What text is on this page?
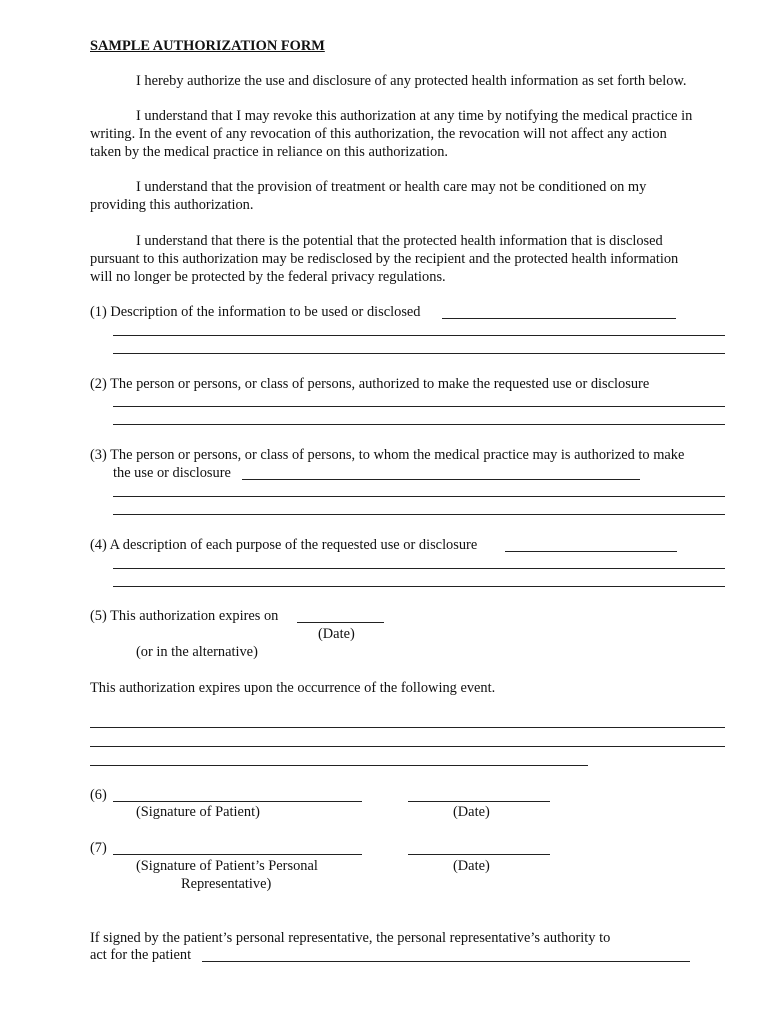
SAMPLE AUTHORIZATION FORM
I hereby authorize the use and disclosure of any protected health information as set forth below.
I understand that I may revoke this authorization at any time by notifying the medical practice in
writing. In the event of any revocation of this authorization, the revocation will not affect any action
taken by the medical practice in reliance on this authorization.
I understand that the provision of treatment or health care may not be conditioned on my
providing this authorization.
I understand that there is the potential that the protected health information that is disclosed
pursuant to this authorization may be redisclosed by the recipient and the protected health information
will no longer be protected by the federal privacy regulations.
(1) Description of the information to be used or disclosed
(2) The person or persons, or class of persons, authorized to make the requested use or disclosure
(3) The person or persons, or class of persons, to whom the medical practice may is authorized to make
the use or disclosure
(4) A description of each purpose of the requested use or disclosure
(5) This authorization expires on
(Date)
(or in the alternative)
This authorization expires upon the occurrence of the following event.
(6)
(Signature of Patient)	(Date)
(7)
(Signature of Patient’s Personal
Representative)
(Date)
If signed by the patient’s personal representative, the personal representative’s authority to
act for the patient
